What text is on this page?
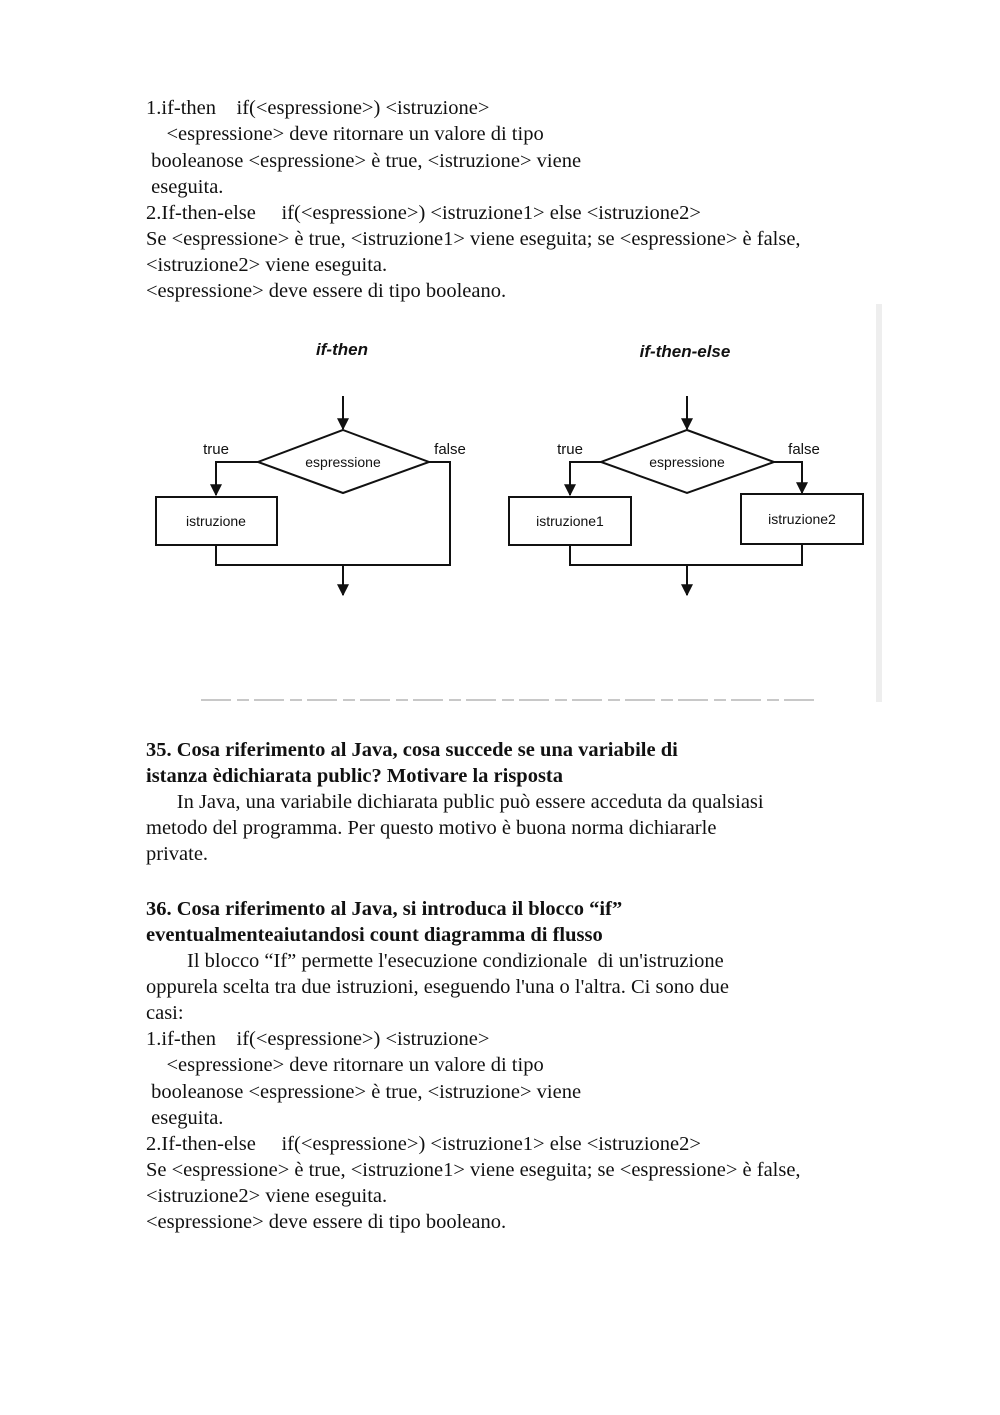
1.if-then    if(<espressione>) <istruzione>

<espressione> deve ritornare un valore di tipo

booleanose <espressione> è true, <istruzione> viene

eseguita.

2.If-then-else     if(<espressione>) <istruzione1> else <istruzione2>

Se <espressione> è true, <istruzione1> viene eseguita; se <espressione> è false,

<istruzione2> viene eseguita.

<espressione> deve essere di tipo booleano.

if-then
espressione
true	false
istruzione
if-then-else
espressione
true	false
istruzione1	istruzione2

35. Cosa riferimento al Java, cosa succede se una variabile di

istanza èdichiarata public? Motivare la risposta

In Java, una variabile dichiarata public può essere acceduta da qualsiasi

metodo del programma. Per questo motivo è buona norma dichiararle

private.

36. Cosa riferimento al Java, si introduca il blocco “if”

eventualmenteaiutandosi count diagramma di flusso

Il blocco “If” permette l'esecuzione condizionale  di un'istruzione

oppurela scelta tra due istruzioni, eseguendo l'una o l'altra. Ci sono due

casi:

1.if-then    if(<espressione>) <istruzione>

<espressione> deve ritornare un valore di tipo

booleanose <espressione> è true, <istruzione> viene

eseguita.

2.If-then-else     if(<espressione>) <istruzione1> else <istruzione2>

Se <espressione> è true, <istruzione1> viene eseguita; se <espressione> è false,

<istruzione2> viene eseguita.

<espressione> deve essere di tipo booleano.
